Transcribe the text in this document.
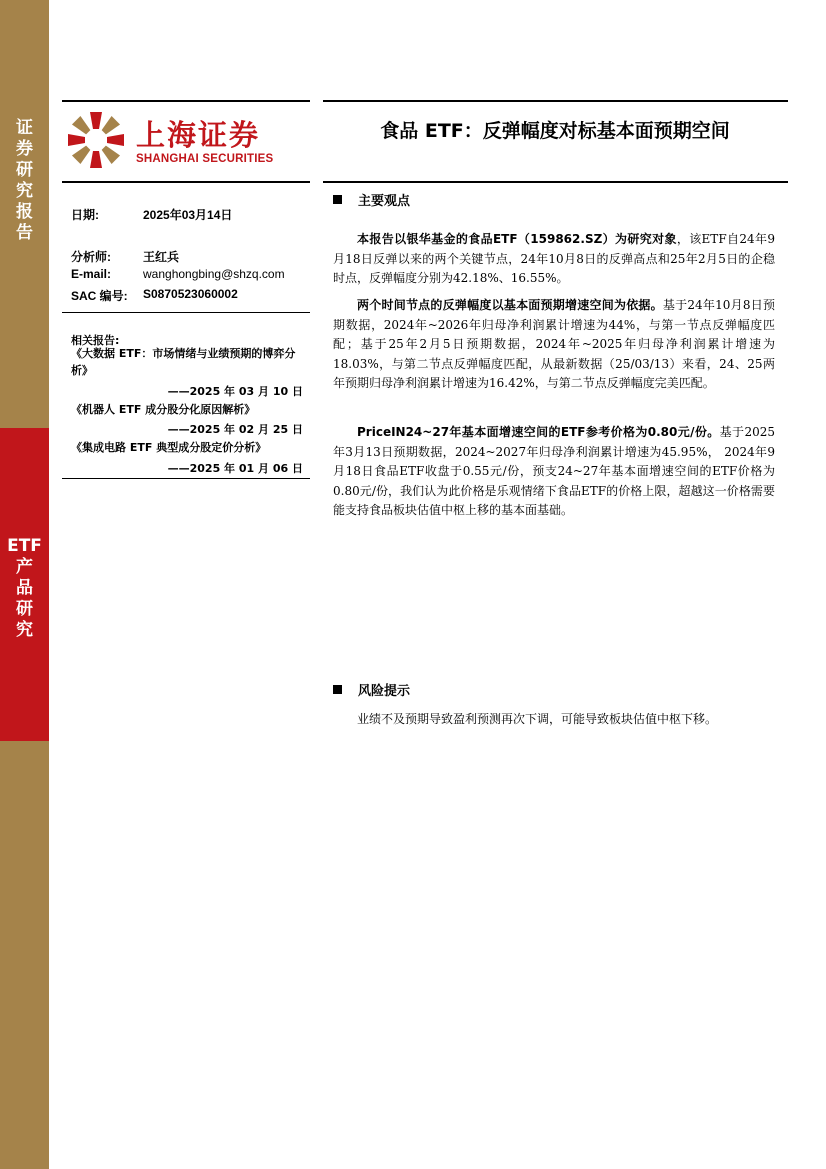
证
券
研
究
报
告
ETF
产
品
研
究
上海证券
SHANGHAI SECURITIES
食品 ETF：反弹幅度对标基本面预期空间
日期:	2025年03月14日
分析师:	王红兵
E-mail:	wanghongbing@shzq.com
SAC 编号: S0870523060002
相关报告:
《大数据 ETF：市场情绪与业绩预期的博弈分析》
——2025 年 03 月 10 日
《机器人 ETF 成分股分化原因解析》
——2025 年 02 月 25 日
《集成电路 ETF 典型成分股定价分析》
——2025 年 01 月 06 日
主要观点

本报告以银华基金的食品ETF（159862.SZ）为研究对象，该ETF自24年9月18日反弹以来的两个关键节点，24年10月8日的反弹高点和25年2月5日的企稳时点，反弹幅度分别为42.18%、16.55%。

两个时间节点的反弹幅度以基本面预期增速空间为依据。基于24年10月8日预期数据，2024年~2026年归母净利润累计增速为44%，与第一节点反弹幅度匹配；基于25年2月5日预期数据，2024年~2025年归母净利润累计增速为18.03%，与第二节点反弹幅度匹配，从最新数据（25/03/13）来看，24、25两年预期归母净利润累计增速为16.42%，与第二节点反弹幅度完美匹配。

PriceIN24~27年基本面增速空间的ETF参考价格为0.80元/份。基于2025年3月13日预期数据，2024~2027年归母净利润累计增速为45.95%， 2024年9月18日食品ETF收盘于0.55元/份，预支24~27年基本面增速空间的ETF价格为0.80元/份，我们认为此价格是乐观情绪下食品ETF的价格上限，超越这一价格需要能支持食品板块估值中枢上移的基本面基础。

风险提示

业绩不及预期导致盈利预测再次下调，可能导致板块估值中枢下移。
